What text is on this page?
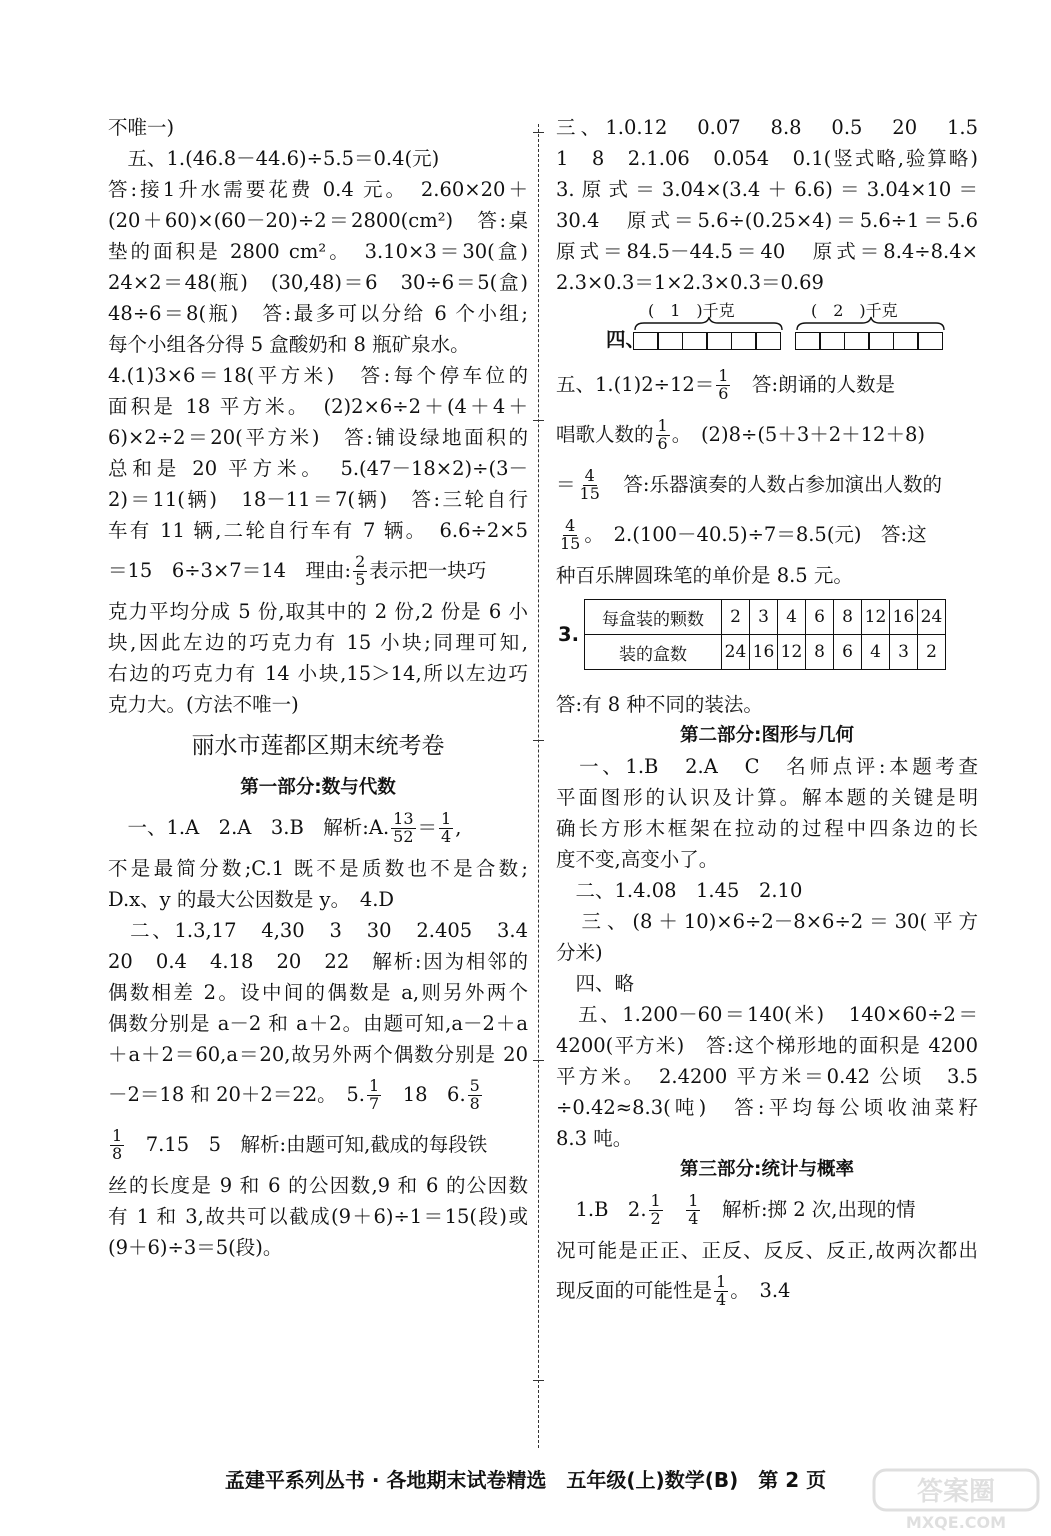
不唯一)
　五、1.(46.8－44.6)÷5.5＝0.4(元)
答:接1升水需要花费 0.4 元。　2.60×20＋
(20＋60)×(60－20)÷2＝2800(cm²)　答:桌
垫的面积是 2800 cm²。　3.10×3＝30(盒)
24×2＝48(瓶)　(30,48)＝6　30÷6＝5(盒)
48÷6＝8(瓶)　答:最多可以分给 6 个小组;
每个小组各分得 5 盒酸奶和 8 瓶矿泉水。
4.(1)3×6＝18(平方米)　答:每个停车位的
面积是 18 平方米。　(2)2×6÷2＋(4＋4＋
6)×2÷2＝20(平方米)　答:铺设绿地面积的
总和是 20 平方米。　5.(47－18×2)÷(3－
2)＝11(辆)　18－11＝7(辆)　答:三轮自行
车有 11 辆,二轮自行车有 7 辆。　6.6÷2×5
＝15　6÷3×7＝14　理由: $\frac{2}{5}$ 表示把一块巧
克力平均分成 5 份,取其中的 2 份,2 份是 6 小
块,因此左边的巧克力有 15 小块;同理可知,
右边的巧克力有 14 小块,15＞14,所以左边巧
克力大。(方法不唯一)
丽水市莲都区期末统考卷
第一部分:数与代数
　一、1.A　2.A　3.B　解析:A. $\frac{13}{52} = \frac{1}{4}$ ,
不是最简分数;C.1 既不是质数也不是合数;
D.x、y 的最大公因数是 y。　4.D
　二、1.3,17　4,30　3　30　2.405　3.4
20　0.4　4.18　20　22　解析:因为相邻的
偶数相差 2。设中间的偶数是 a,则另外两个
偶数分别是 a－2 和 a＋2。由题可知,a－2＋a
＋a＋2＝60,a＝20,故另外两个偶数分别是 20
－2＝18 和 20＋2＝22。　5. $\frac{1}{7}$
　 18　6. $\frac{5}{8}$
$\frac{1}{8}$
　 7.15　5　解析:由题可知,截成的每段铁
丝的长度是 9 和 6 的公因数,9 和 6 的公因数
有 1 和 3,故共可以截成(9＋6)÷1＝15(段)或
(9＋6)÷3＝5(段)。
三、1.0.12　0.07　8.8　0.5　20　1.5
1　8　2.1.06　0.054　0.1(竖式略,验算略)
3.原式＝3.04×(3.4＋6.6)＝3.04×10＝
30.4　原式＝5.6÷(0.25×4)＝5.6÷1＝5.6
原式＝84.5－44.5＝40　原式＝8.4÷8.4×
2.3×0.3＝1×2.3×0.3＝0.69
四、
(　1　)千克	(　2　)千克
五、$1.(1)2\div 12= \frac{1}{6}$ 　答:朗诵的人数是
唱歌人数的 $\frac{1}{6}$ 。　(2)8÷(5＋3＋2＋12＋8)
＝ $\frac{4}{15}$ 　答:乐器演奏的人数占参加演出人数的
$\frac{4}{15}$ 。　2.(100－40.5)÷7＝8.5(元)　答:这
种百乐牌圆珠笔的单价是 8.5 元。
3.
每盒装的颗数	2	3	4	6	8	12	16	24
装的盒数	24	16	12	8	6	4	3	2
答:有 8 种不同的装法。
第二部分:图形与几何
　一、1.B　2.A　C　名师点评:本题考查
平面图形的认识及计算。解本题的关键是明
确长方形木框架在拉动的过程中四条边的长
度不变,高变小了。
　二、1.4.08　1.45　2.10
　三、(8＋10)×6÷2－8×6÷2＝30(平方
分米)
　四、略
　五、1.200－60＝140(米)　140×60÷2＝
4200(平方米)　答:这个梯形地的面积是 4200
平方米。　2.4200 平方米＝0.42 公顷　3.5
÷0.42≈8.3(吨)　答:平均每公顷收油菜籽
8.3 吨。
第三部分:统计与概率
　1.B　2. $\frac{1}{2}$
　 $\frac{1}{4}$ 　解析:掷 2 次,出现的情
况可能是正正、正反、反反、反正,故两次都出
现反面的可能性是 $\frac{1}{4}$ 。　3.4
孟建平系列丛书 · 各地期末试卷精选　五年级(上)数学(B)　第 2 页	答案圈
MXQE.COM
